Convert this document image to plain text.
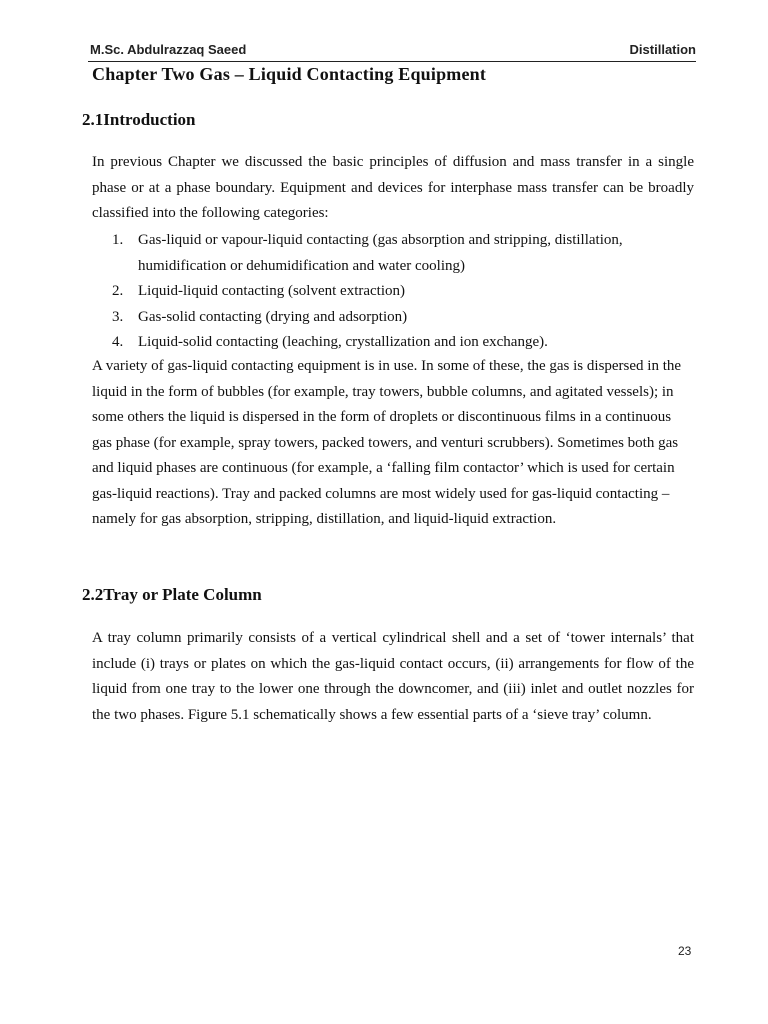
M.Sc. Abdulrazzaq Saeed	Distillation
Chapter Two Gas – Liquid Contacting Equipment
2.1Introduction

In previous Chapter we discussed the basic principles of diffusion and mass transfer in a single phase or at a phase boundary. Equipment and devices for interphase mass transfer can be broadly classified into the following categories:

1. Gas-liquid or vapour-liquid contacting (gas absorption and stripping, distillation, humidification or dehumidification and water cooling)
2. Liquid-liquid contacting (solvent extraction)
3. Gas-solid contacting (drying and adsorption)
4. Liquid-solid contacting (leaching, crystallization and ion exchange).

A variety of gas-liquid contacting equipment is in use. In some of these, the gas is dispersed in the liquid in the form of bubbles (for example, tray towers, bubble columns, and agitated vessels); in some others the liquid is dispersed in the form of droplets or discontinuous films in a continuous gas phase (for example, spray towers, packed towers, and venturi scrubbers). Sometimes both gas and liquid phases are continuous (for example, a ‘falling film contactor’ which is used for certain gas-liquid reactions). Tray and packed columns are most widely used for gas-liquid contacting – namely for gas absorption, stripping, distillation, and liquid-liquid extraction.

2.2Tray or Plate Column

A tray column primarily consists of a vertical cylindrical shell and a set of ‘tower internals’ that include (i) trays or plates on which the gas-liquid contact occurs, (ii) arrangements for flow of the liquid from one tray to the lower one through the downcomer, and (iii) inlet and outlet nozzles for the two phases. Figure 5.1 schematically shows a few essential parts of a ‘sieve tray’ column.

23
